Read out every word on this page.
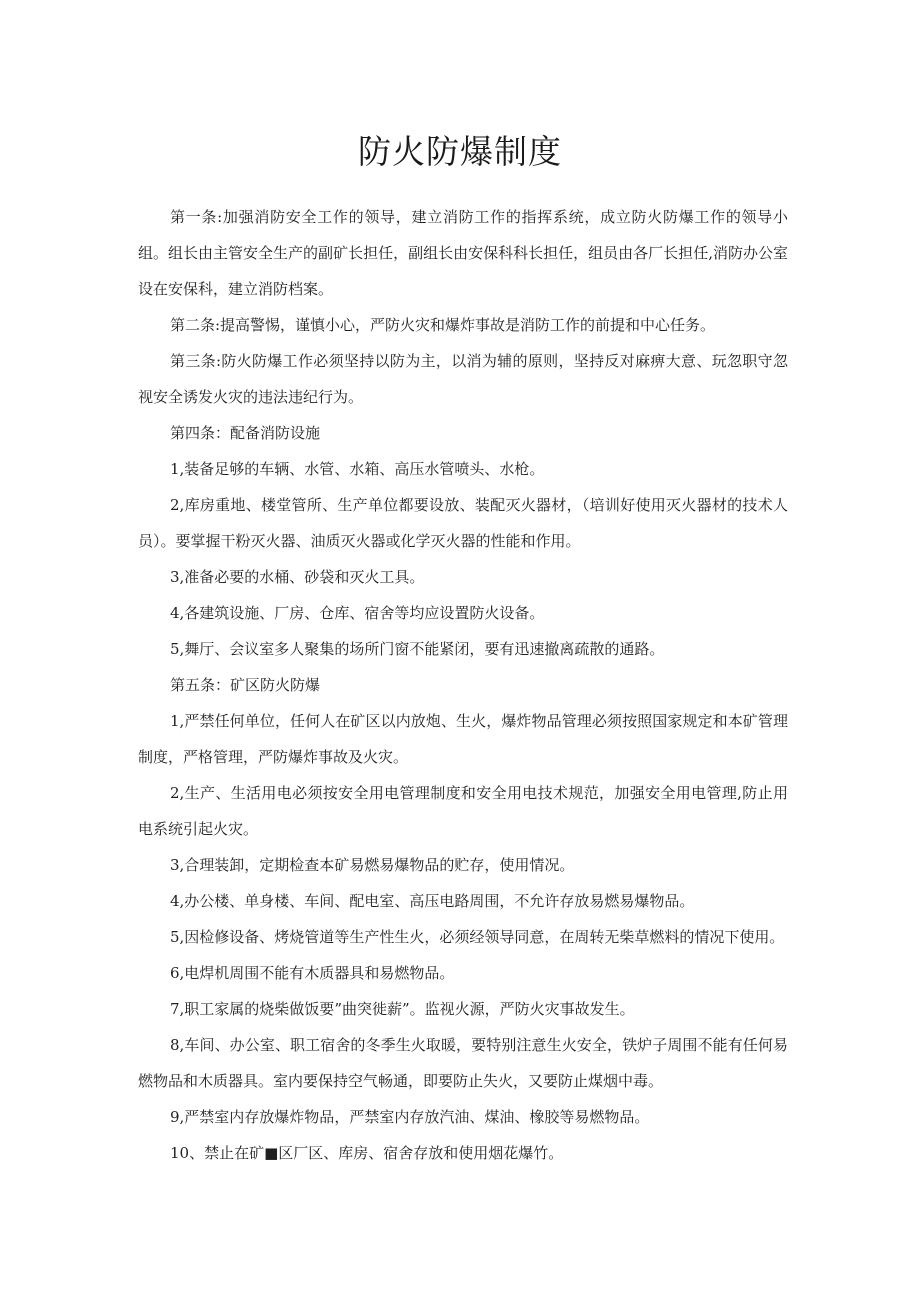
防火防爆制度

第一条:加强消防安全工作的领导，建立消防工作的指挥系统，成立防火防爆工作的领导小组。组长由主管安全生产的副矿长担任，副组长由安保科科长担任，组员由各厂长担任,消防办公室设在安保科，建立消防档案。

第二条:提高警惕，谨慎小心，严防火灾和爆炸事故是消防工作的前提和中心任务。

第三条:防火防爆工作必须坚持以防为主，以消为辅的原则，坚持反对麻痹大意、玩忽职守忽视安全诱发火灾的违法违纪行为。

第四条：配备消防设施

1,装备足够的车辆、水管、水箱、高压水管喷头、水枪。

2,库房重地、楼堂管所、生产单位都要设放、装配灭火器材，（培训好使用灭火器材的技术人员）。要掌握干粉灭火器、油质灭火器或化学灭火器的性能和作用。

3,准备必要的水桶、砂袋和灭火工具。

4,各建筑设施、厂房、仓库、宿舍等均应设置防火设备。

5,舞厅、会议室多人聚集的场所门窗不能紧闭，要有迅速撤离疏散的通路。

第五条：矿区防火防爆

1,严禁任何单位，任何人在矿区以内放炮、生火，爆炸物品管理必须按照国家规定和本矿管理制度，严格管理，严防爆炸事故及火灾。

2,生产、生活用电必须按安全用电管理制度和安全用电技术规范，加强安全用电管理,防止用电系统引起火灾。

3,合理装卸，定期检查本矿易燃易爆物品的贮存，使用情况。

4,办公楼、单身楼、车间、配电室、高压电路周围，不允许存放易燃易爆物品。

5,因检修设备、烤烧管道等生产性生火，必须经领导同意，在周转无柴草燃料的情况下使用。

6,电焊机周围不能有木质器具和易燃物品。

7,职工家属的烧柴做饭要”曲突徙薪”。监视火源，严防火灾事故发生。

8,车间、办公室、职工宿舍的冬季生火取暖，要特别注意生火安全，铁炉子周围不能有任何易燃物品和木质器具。室内要保持空气畅通，即要防止失火，又要防止煤烟中毒。

9,严禁室内存放爆炸物品，严禁室内存放汽油、煤油、橡胶等易燃物品。

10、禁止在矿■区厂区、库房、宿舍存放和使用烟花爆竹。
